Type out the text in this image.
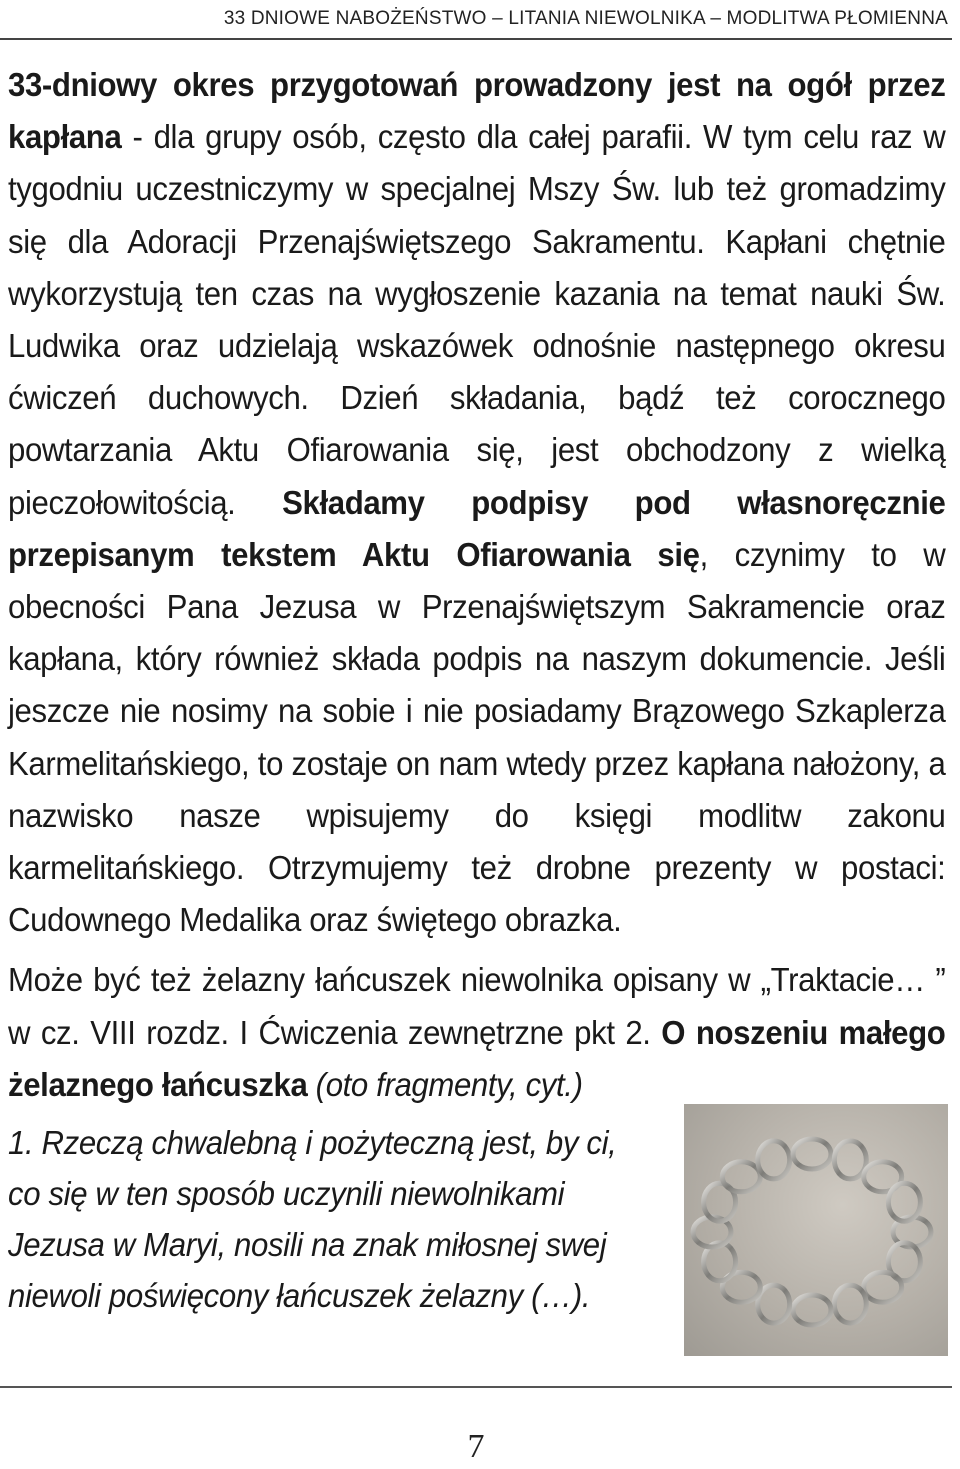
33 DNIOWE NABOŻEŃSTWO – LITANIA NIEWOLNIKA – MODLITWA PŁOMIENNA

33-dniowy okres przygotowań prowadzony jest na ogół przez kapłana - dla grupy osób, często dla całej parafii. W tym celu raz w tygodniu uczestniczymy w specjalnej Mszy Św. lub też gromadzimy się dla Adoracji Przenajświętszego Sakramentu. Kapłani chętnie wykorzystują ten czas na wygłoszenie kazania na temat nauki Św. Ludwika oraz udzielają wskazówek odnośnie następnego okresu ćwiczeń duchowych. Dzień składania, bądź też corocznego powtarzania Aktu Ofiarowania się, jest obchodzony z wielką pieczołowitością. Składamy podpisy pod własnoręcznie przepisanym tekstem Aktu Ofiarowania się, czynimy to w obecności Pana Jezusa w Przenajświętszym Sakramencie oraz kapłana, który również składa podpis na naszym dokumencie. Jeśli jeszcze nie nosimy na sobie i nie posiadamy Brązowego Szkaplerza Karmelitańskiego, to zostaje on nam wtedy przez kapłana nałożony, a nazwisko nasze wpisujemy do księgi modlitw zakonu karmelitańskiego. Otrzymujemy też drobne prezenty w postaci: Cudownego Medalika oraz świętego obrazka.

Może być też żelazny łańcuszek niewolnika opisany w „Traktacie… ” w cz. VIII rozdz. I Ćwiczenia zewnętrzne pkt 2. O noszeniu małego żelaznego łańcuszka (oto fragmenty, cyt.)

1. Rzeczą chwalebną i pożyteczną jest, by ci, co się w ten sposób uczynili niewolnikami Jezusa w Maryi, nosili na znak miłosnej swej niewoli poświęcony łańcuszek żelazny (…).
7
